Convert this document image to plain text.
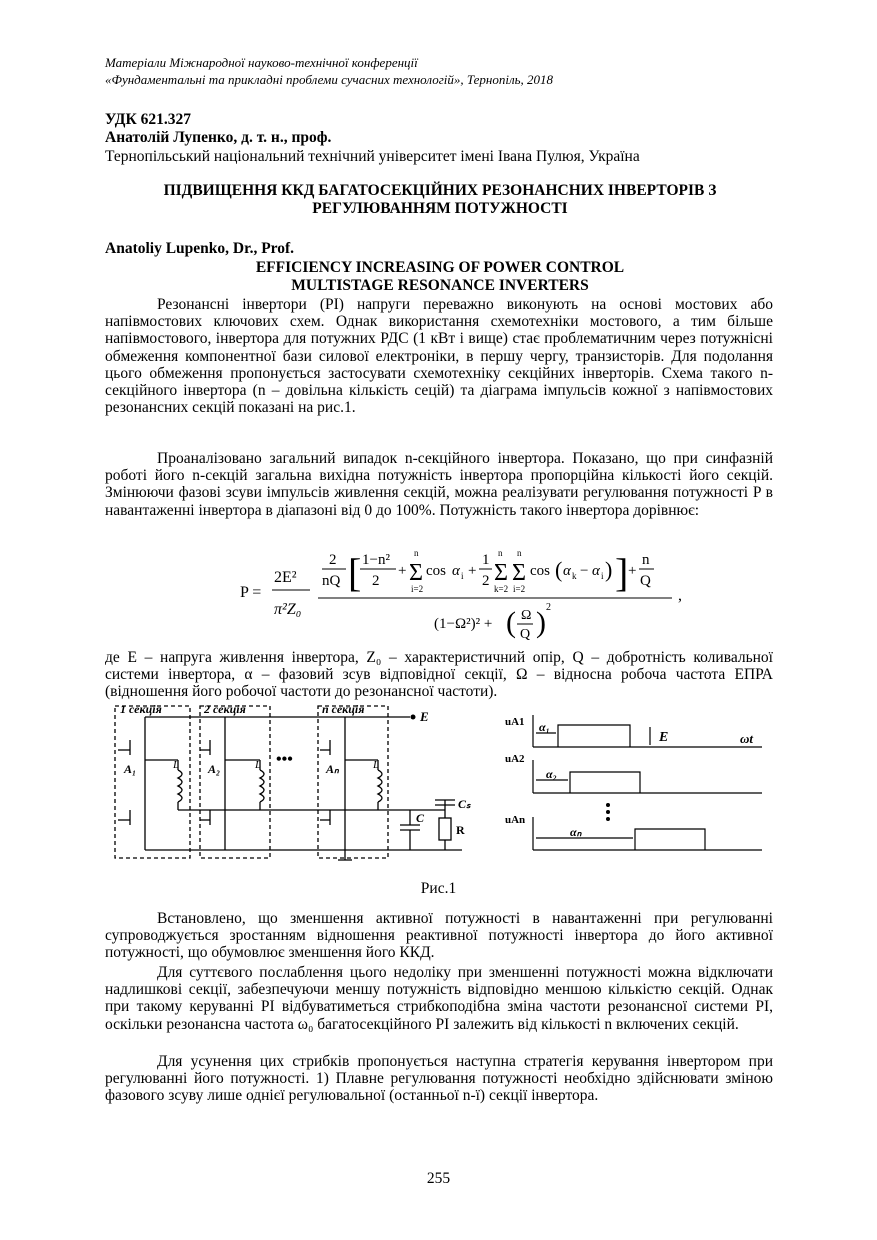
Матеріали Міжнародної науково-технічної конференції
«Фундаментальні та прикладні проблеми сучасних технологій», Тернопіль, 2018
УДК 621.327
Анатолій Лупенко, д. т. н., проф.
Тернопільський національний технічний університет імені Івана Пулюя, Україна
ПІДВИЩЕННЯ ККД БАГАТОСЕКЦІЙНИХ РЕЗОНАНСНИХ ІНВЕРТОРІВ З
РЕГУЛЮВАННЯМ ПОТУЖНОСТІ
Anatoliy Lupenko, Dr., Prof.
EFFICIENCY INCREASING OF POWER CONTROL
MULTISTAGE RESONANCE INVERTERS
Резонансні інвертори (РІ) напруги переважно виконують на основі мостових або напівмостових ключових схем. Однак використання схемотехніки мостового, а тим більше напівмостового, інвертора для потужних РДС (1 кВт і вище) стає проблематичним через потужнісні обмеження компонентної бази силової електроніки, в першу чергу, транзисторів. Для подолання цього обмеження пропонується застосувати схемотехніку секційних інверторів. Схема такого n-секційного інвертора (n – довільна кількість сецій) та діаграма імпульсів кожної з напівмостових резонансних секцій показані на рис.1.
Проаналізовано загальний випадок n-секційного інвертора. Показано, що при синфазній роботі його n-секцій загальна вихідна потужність інвертора пропорційна кількості його секцій. Змінюючи фазові зсуви імпульсів живлення секцій, можна реалізувати регулювання потужності P в навантаженні інвертора в діапазоні від 0 до 100%. Потужність такого інвертора дорівнює:
P =
2E²
π²Z₀
2
nQ [ 1−n²
2
+ Σ
n
i=2
cos α i +
1
2 Σ
n
k=2
Σ
n
i=2
cos ( α k − α i ) ] +
n
Q
(1−Ω²)² + ( Ω
Q ) 2
,
де E – напруга живлення інвертора, Z₀ – характеристичний опір, Q – добротність коливальної системи інвертора, α – фазовий зсув відповідної секції, Ω – відносна робоча частота ЕПРА (відношення його робочої частоти до резонансної частоти).
1 секція	2 секція	n секція	E
A₁	A₂	Aₙ
L	L	L
•••
Cₛ
C
R
uA1
uA2
uAn
α₁
α₂
αₙ
E	ωt
Рис.1
Встановлено, що зменшення активної потужності в навантаженні при регулюванні супроводжується зростанням відношення реактивної потужності інвертора до його активної потужності, що обумовлює зменшення його ККД.
Для суттєвого послаблення цього недоліку при зменшенні потужності можна відключати надлишкові секції, забезпечуючи меншу потужність відповідно меншою кількістю секцій. Однак при такому керуванні РІ відбуватиметься стрибкоподібна зміна частоти резонансної системи РІ, оскільки резонансна частота ω₀ багатосекційного РІ залежить від кількості n включених секцій.
Для усунення цих стрибків пропонується наступна стратегія керування інвертором при регулюванні його потужності. 1) Плавне регулювання потужності необхідно здійснювати зміною фазового зсуву лише однієї регулювальної (останньої n-ї) секції інвертора.
255
